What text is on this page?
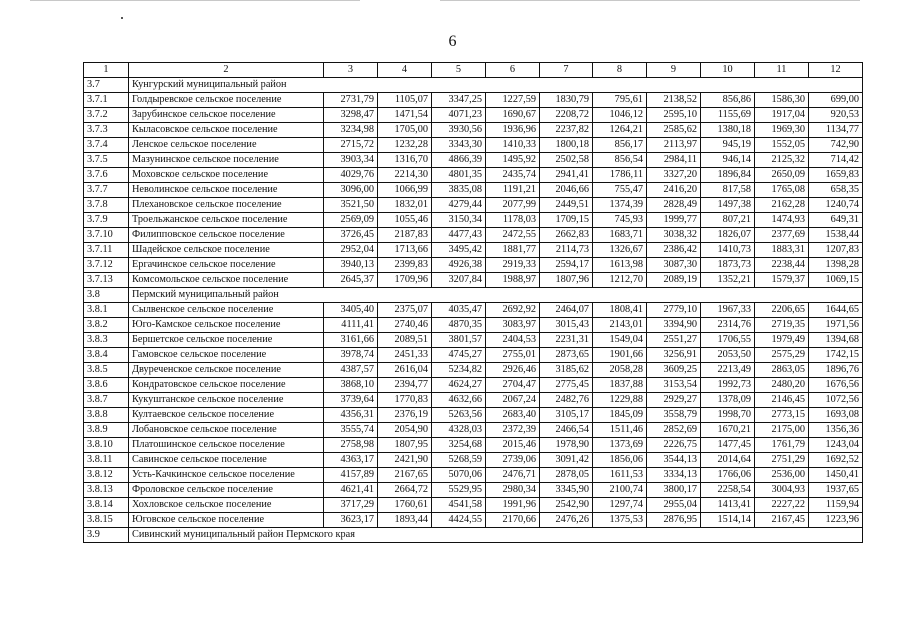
6
1	2	3	4	5	6	7	8	9	10	11	12
3.7	Кунгурский муниципальный район										
3.7.1	Голдыревское сельское поселение	2731,79	1105,07	3347,25	1227,59	1830,79	795,61	2138,52	856,86	1586,30	699,00
3.7.2	Зарубинское сельское поселение	3298,47	1471,54	4071,23	1690,67	2208,72	1046,12	2595,10	1155,69	1917,04	920,53
3.7.3	Кыласовское сельское поселение	3234,98	1705,00	3930,56	1936,96	2237,82	1264,21	2585,62	1380,18	1969,30	1134,77
3.7.4	Ленское сельское поселение	2715,72	1232,28	3343,30	1410,33	1800,18	856,17	2113,97	945,19	1552,05	742,90
3.7.5	Мазунинское сельское поселение	3903,34	1316,70	4866,39	1495,92	2502,58	856,54	2984,11	946,14	2125,32	714,42
3.7.6	Моховское сельское поселение	4029,76	2214,30	4801,35	2435,74	2941,41	1786,11	3327,20	1896,84	2650,09	1659,83
3.7.7	Неволинское сельское поселение	3096,00	1066,99	3835,08	1191,21	2046,66	755,47	2416,20	817,58	1765,08	658,35
3.7.8	Плехановское сельское поселение	3521,50	1832,01	4279,44	2077,99	2449,51	1374,39	2828,49	1497,38	2162,28	1240,74
3.7.9	Троельжанское сельское поселение	2569,09	1055,46	3150,34	1178,03	1709,15	745,93	1999,77	807,21	1474,93	649,31
3.7.10	Филипповское сельское поселение	3726,45	2187,83	4477,43	2472,55	2662,83	1683,71	3038,32	1826,07	2377,69	1538,44
3.7.11	Шадейское сельское поселение	2952,04	1713,66	3495,42	1881,77	2114,73	1326,67	2386,42	1410,73	1883,31	1207,83
3.7.12	Ергачинское сельское поселение	3940,13	2399,83	4926,38	2919,33	2594,17	1613,98	3087,30	1873,73	2238,44	1398,28
3.7.13	Комсомольское сельское поселение	2645,37	1709,96	3207,84	1988,97	1807,96	1212,70	2089,19	1352,21	1579,37	1069,15
3.8	Пермский муниципальный район										
3.8.1	Сылвенское сельское поселение	3405,40	2375,07	4035,47	2692,92	2464,07	1808,41	2779,10	1967,33	2206,65	1644,65
3.8.2	Юго-Камское сельское поселение	4111,41	2740,46	4870,35	3083,97	3015,43	2143,01	3394,90	2314,76	2719,35	1971,56
3.8.3	Бершетское сельское поселение	3161,66	2089,51	3801,57	2404,53	2231,31	1549,04	2551,27	1706,55	1979,49	1394,68
3.8.4	Гамовское сельское поселение	3978,74	2451,33	4745,27	2755,01	2873,65	1901,66	3256,91	2053,50	2575,29	1742,15
3.8.5	Двуреченское сельское поселение	4387,57	2616,04	5234,82	2926,46	3185,62	2058,28	3609,25	2213,49	2863,05	1896,76
3.8.6	Кондратовское сельское поселение	3868,10	2394,77	4624,27	2704,47	2775,45	1837,88	3153,54	1992,73	2480,20	1676,56
3.8.7	Кукуштанское сельское поселение	3739,64	1770,83	4632,66	2067,24	2482,76	1229,88	2929,27	1378,09	2146,45	1072,56
3.8.8	Култаевское сельское поселение	4356,31	2376,19	5263,56	2683,40	3105,17	1845,09	3558,79	1998,70	2773,15	1693,08
3.8.9	Лобановское сельское поселение	3555,74	2054,90	4328,03	2372,39	2466,54	1511,46	2852,69	1670,21	2175,00	1356,36
3.8.10	Платошинское сельское поселение	2758,98	1807,95	3254,68	2015,46	1978,90	1373,69	2226,75	1477,45	1761,79	1243,04
3.8.11	Савинское сельское поселение	4363,17	2421,90	5268,59	2739,06	3091,42	1856,06	3544,13	2014,64	2751,29	1692,52
3.8.12	Усть-Качкинское сельское поселение	4157,89	2167,65	5070,06	2476,71	2878,05	1611,53	3334,13	1766,06	2536,00	1450,41
3.8.13	Фроловское сельское поселение	4621,41	2664,72	5529,95	2980,34	3345,90	2100,74	3800,17	2258,54	3004,93	1937,65
3.8.14	Хохловское сельское поселение	3717,29	1760,61	4541,58	1991,96	2542,90	1297,74	2955,04	1413,41	2227,22	1159,94
3.8.15	Юговское сельское поселение	3623,17	1893,44	4424,55	2170,66	2476,26	1375,53	2876,95	1514,14	2167,45	1223,96
3.9	Сивинский муниципальный район Пермского края										
